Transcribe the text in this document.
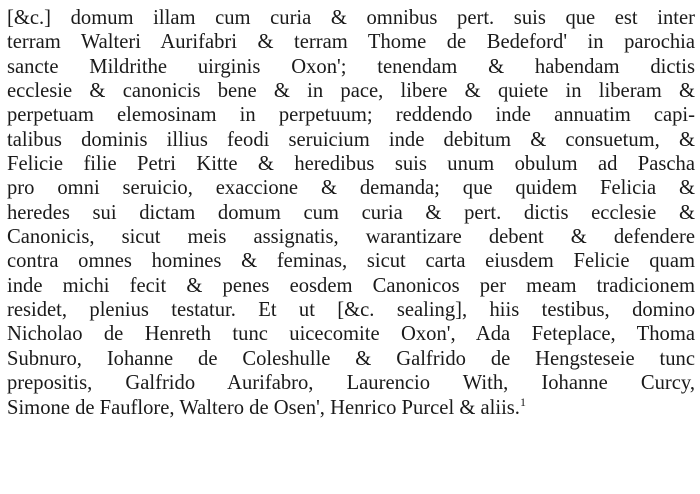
[&c.] domum illam cum curia & omnibus pert. suis que est inter
terram Walteri Aurifabri & terram Thome de Bedeford' in parochia
sancte Mildrithe uirginis Oxon'; tenendam & habendam dictis
ecclesie & canonicis bene & in pace, libere & quiete in liberam &
perpetuam elemosinam in perpetuum; reddendo inde annuatim capi-
talibus dominis illius feodi seruicium inde debitum & consuetum, &
Felicie filie Petri Kitte & heredibus suis unum obulum ad Pascha
pro omni seruicio, exaccione & demanda; que quidem Felicia &
heredes sui dictam domum cum curia & pert. dictis ecclesie &
Canonicis, sicut meis assignatis, warantizare debent & defendere
contra omnes homines & feminas, sicut carta eiusdem Felicie quam
inde michi fecit & penes eosdem Canonicos per meam tradicionem
residet, plenius testatur. Et ut [&c. sealing], hiis testibus, domino
Nicholao de Henreth tunc uicecomite Oxon', Ada Feteplace, Thoma
Subnuro, Iohanne de Coleshulle & Galfrido de Hengsteseie tunc
prepositis, Galfrido Aurifabro, Laurencio With, Iohanne Curcy,
Simone de Fauflore, Waltero de Osen', Henrico Purcel & aliis.$^1$
